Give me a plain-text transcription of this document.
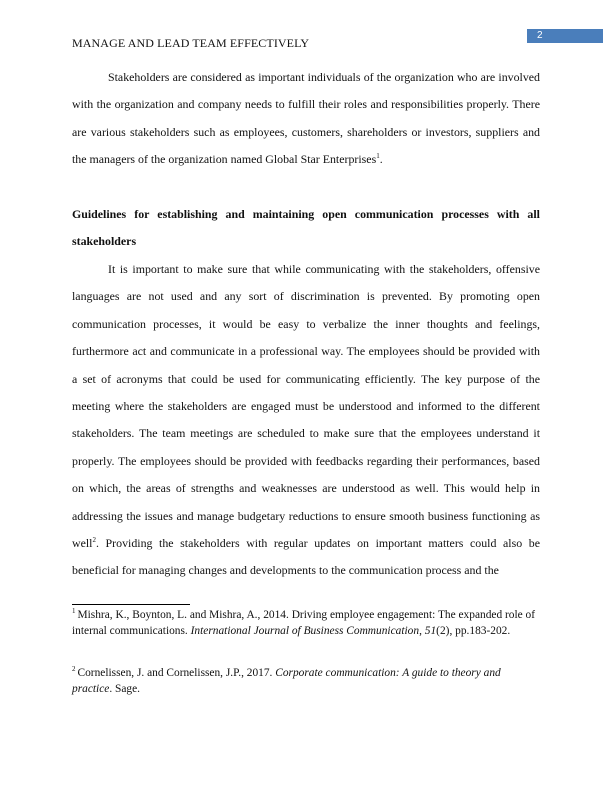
MANAGE AND LEAD TEAM EFFECTIVELY
2
Stakeholders are considered as important individuals of the organization who are involved with the organization and company needs to fulfill their roles and responsibilities properly. There are various stakeholders such as employees, customers, shareholders or investors, suppliers and the managers of the organization named Global Star Enterprises$^1$.
Guidelines for establishing and maintaining open communication processes with all stakeholders
It is important to make sure that while communicating with the stakeholders, offensive languages are not used and any sort of discrimination is prevented. By promoting open communication processes, it would be easy to verbalize the inner thoughts and feelings, furthermore act and communicate in a professional way. The employees should be provided with a set of acronyms that could be used for communicating efficiently. The key purpose of the meeting where the stakeholders are engaged must be understood and informed to the different stakeholders. The team meetings are scheduled to make sure that the employees understand it properly. The employees should be provided with feedbacks regarding their performances, based on which, the areas of strengths and weaknesses are understood as well. This would help in addressing the issues and manage budgetary reductions to ensure smooth business functioning as well$^2$. Providing the stakeholders with regular updates on important matters could also be beneficial for managing changes and developments to the communication process and the
$^1$ Mishra, K., Boynton, L. and Mishra, A., 2014. Driving employee engagement: The expanded role of internal communications. International Journal of Business Communication, 51(2), pp.183-202.
$^2$ Cornelissen, J. and Cornelissen, J.P., 2017. Corporate communication: A guide to theory and practice. Sage.
